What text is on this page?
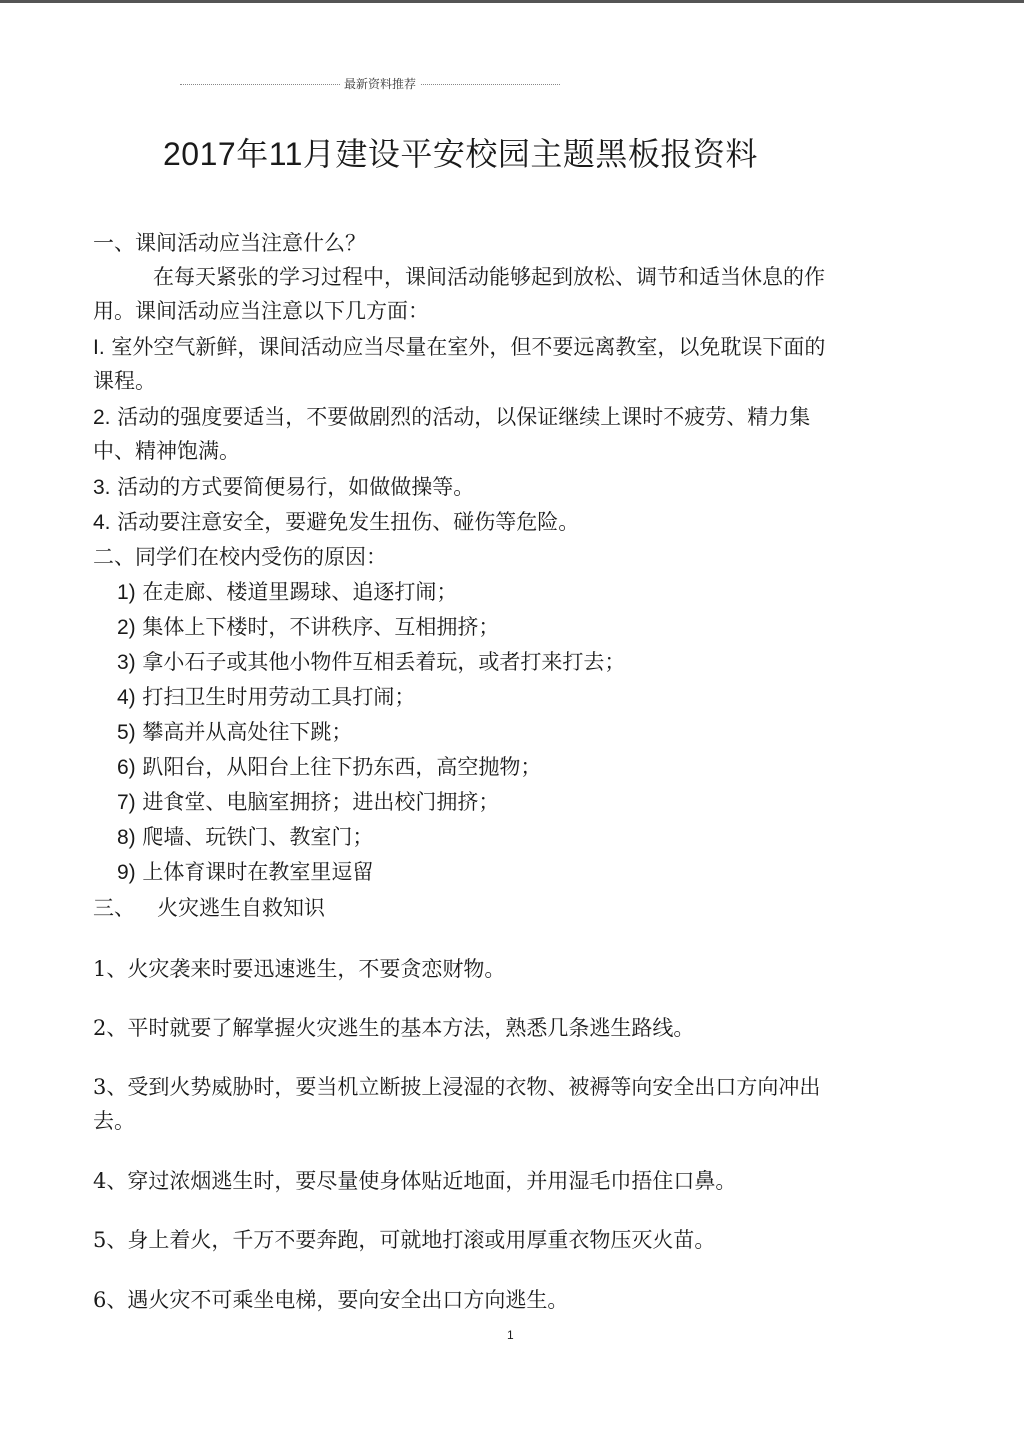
最新资料推荐
2017年11月建设平安校园主题黑板报资料
一、课间活动应当注意什么？
在每天紧张的学习过程中，课间活动能够起到放松、调节和适当休息的作
用。课间活动应当注意以下几方面：
I. 室外空气新鲜，课间活动应当尽量在室外，但不要远离教室，以免耽误下面的
课程。
2. 活动的强度要适当，不要做剧烈的活动，以保证继续上课时不疲劳、精力集
中、精神饱满。
3. 活动的方式要简便易行，如做做操等。
4. 活动要注意安全，要避免发生扭伤、碰伤等危险。
二、同学们在校内受伤的原因：
1) 在走廊、楼道里踢球、追逐打闹；
2) 集体上下楼时，不讲秩序、互相拥挤；
3) 拿小石子或其他小物件互相丢着玩，或者打来打去；
4) 打扫卫生时用劳动工具打闹；
5) 攀高并从高处往下跳；
6) 趴阳台，从阳台上往下扔东西，高空抛物；
7) 进食堂、电脑室拥挤；进出校门拥挤；
8) 爬墙、玩铁门、教室门；
9) 上体育课时在教室里逗留
三、 火灾逃生自救知识
1、火灾袭来时要迅速逃生，不要贪恋财物。
2、平时就要了解掌握火灾逃生的基本方法，熟悉几条逃生路线。
3、受到火势威胁时，要当机立断披上浸湿的衣物、被褥等向安全出口方向冲出
去。
4、穿过浓烟逃生时，要尽量使身体贴近地面，并用湿毛巾捂住口鼻。
5、身上着火，千万不要奔跑，可就地打滚或用厚重衣物压灭火苗。
6、遇火灾不可乘坐电梯，要向安全出口方向逃生。
1
